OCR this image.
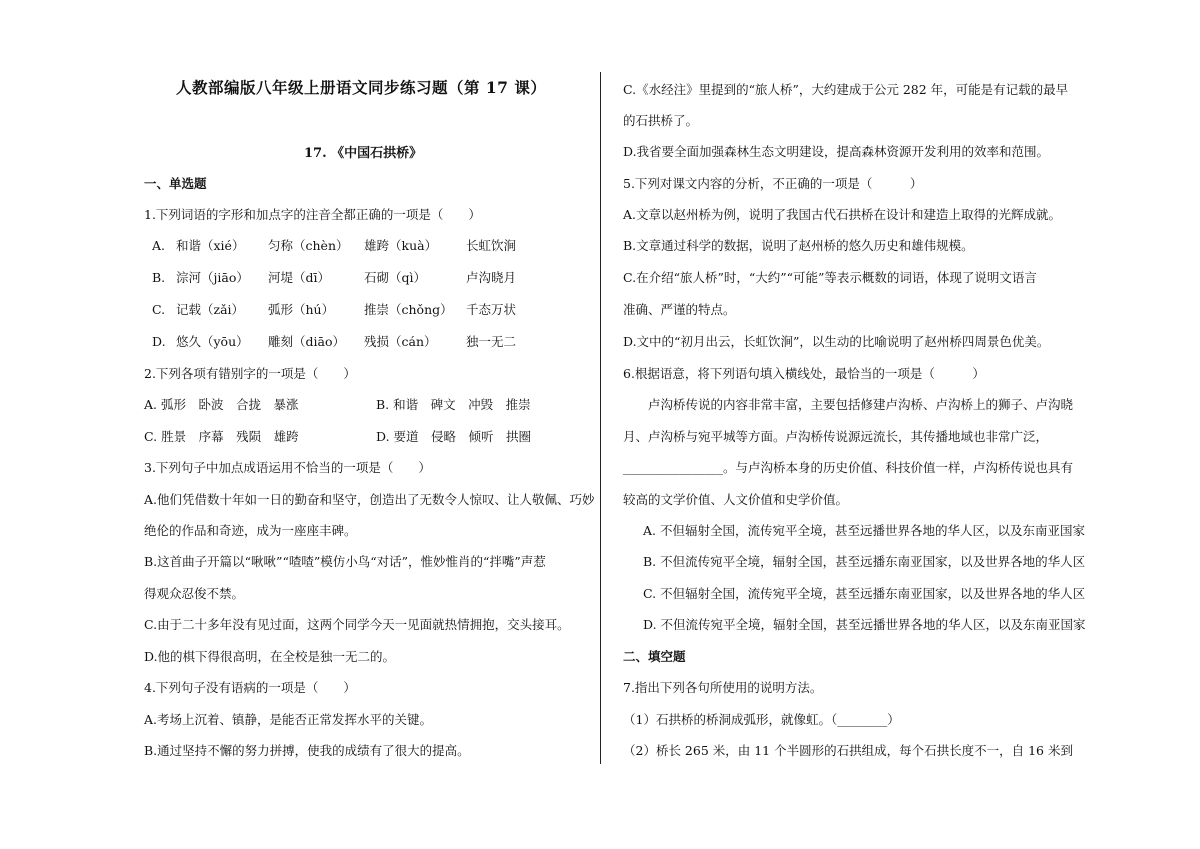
人教部编版八年级上册语文同步练习题（第 17 课）
17. 《中国石拱桥》
一、单选题
1.下列词语的字形和加点字的注音全都正确的一项是（　　）
A. 和谐（xié） 匀称（chèn） 雄跨（kuà） 长虹饮涧
B. 淙河（jiāo） 河堤（dī）	石砌（qì）	卢沟晓月
C. 记载（zǎi） 弧形（hú） 推崇（chǒng） 千态万状
D. 悠久（yōu） 雕刻（diāo） 残损（cán） 独一无二
2.下列各项有错别字的一项是（　　）
A. 弧形　卧波　合拢　暴涨	B. 和谐　碑文　冲毁　推崇
C. 胜景　序幕　残陨　雄跨	D. 要道　侵略　倾听　拱圈
3.下列句子中加点成语运用不恰当的一项是（　　）
A.他们凭借数十年如一日的勤奋和坚守，创造出了无数令人惊叹、让人敬佩、巧妙
绝伦的作品和奇迹，成为一座座丰碑。
B.这首曲子开篇以“啾啾”“喳喳”模仿小鸟“对话”，惟妙惟肖的“拌嘴”声惹
得观众忍俊不禁。
C.由于二十多年没有见过面，这两个同学今天一见面就热情拥抱，交头接耳。
D.他的棋下得很高明，在全校是独一无二的。
4.下列句子没有语病的一项是（　　）
A.考场上沉着、镇静，是能否正常发挥水平的关键。
B.通过坚持不懈的努力拼搏，使我的成绩有了很大的提高。
C.《水经注》里提到的“旅人桥”，大约建成于公元 282 年，可能是有记载的最早
的石拱桥了。
D.我省要全面加强森林生态文明建设，提高森林资源开发利用的效率和范围。
5.下列对课文内容的分析，不正确的一项是（　　　）
A.文章以赵州桥为例，说明了我国古代石拱桥在设计和建造上取得的光辉成就。
B.文章通过科学的数据，说明了赵州桥的悠久历史和雄伟规模。
C.在介绍“旅人桥”时，“大约”“可能”等表示概数的词语，体现了说明文语言
准确、严谨的特点。
D.文中的“初月出云，长虹饮涧”，以生动的比喻说明了赵州桥四周景色优美。
6.根据语意，将下列语句填入横线处，最恰当的一项是（　　　）
　　卢沟桥传说的内容非常丰富，主要包括修建卢沟桥、卢沟桥上的狮子、卢沟晓
月、卢沟桥与宛平城等方面。卢沟桥传说源远流长，其传播地域也非常广泛，
________________。与卢沟桥本身的历史价值、科技价值一样，卢沟桥传说也具有
较高的文学价值、人文价值和史学价值。
A. 不但辐射全国，流传宛平全境，甚至远播世界各地的华人区，以及东南亚国家
B. 不但流传宛平全境，辐射全国，甚至远播东南亚国家，以及世界各地的华人区
C. 不但辐射全国，流传宛平全境，甚至远播东南亚国家，以及世界各地的华人区
D. 不但流传宛平全境，辐射全国，甚至远播世界各地的华人区，以及东南亚国家
二、填空题
7.指出下列各句所使用的说明方法。
（1）石拱桥的桥洞成弧形，就像虹。（________）
（2）桥长 265 米，由 11 个半圆形的石拱组成，每个石拱长度不一，自 16 米到
